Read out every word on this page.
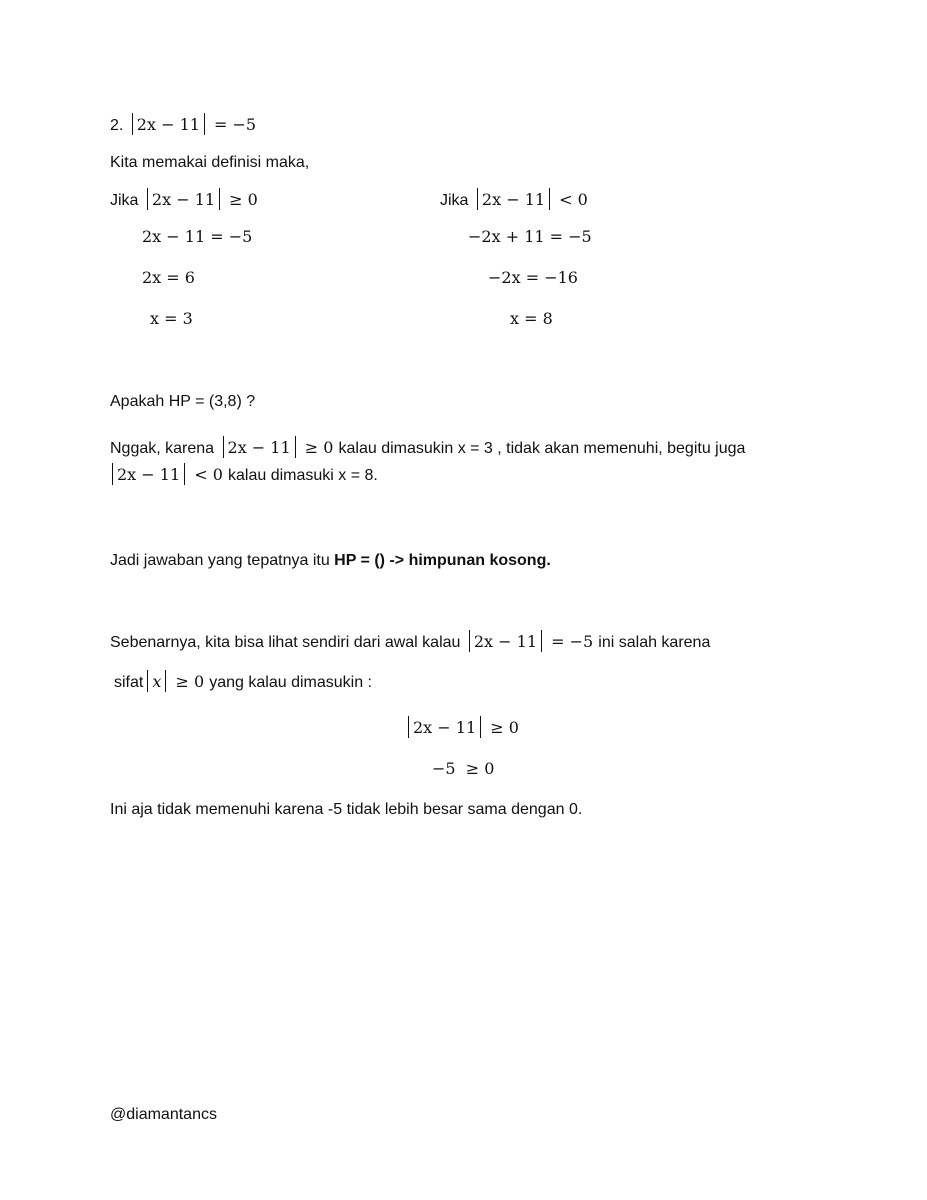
2. 2x − 11 = −5
Kita memakai definisi maka,
Jika 2x − 11 ≥ 0
2x − 11 = −5
2x = 6
x = 3
Jika 2x − 11 < 0
−2x + 11 = −5
−2x = −16
x = 8
Apakah HP = (3,8) ?
Nggak, karena 2x − 11 ≥ 0 kalau dimasukin x = 3 , tidak akan memenuhi, begitu juga
2x − 11 < 0 kalau dimasuki x = 8.
Jadi jawaban yang tepatnya itu HP = () -> himpunan kosong.
Sebenarnya, kita bisa lihat sendiri dari awal kalau 2x − 11 = −5 ini salah karena
sifat x ≥ 0 yang kalau dimasukin :
2x − 11 ≥ 0
−5  ≥ 0
Ini aja tidak memenuhi karena -5 tidak lebih besar sama dengan 0.
@diamantancs
